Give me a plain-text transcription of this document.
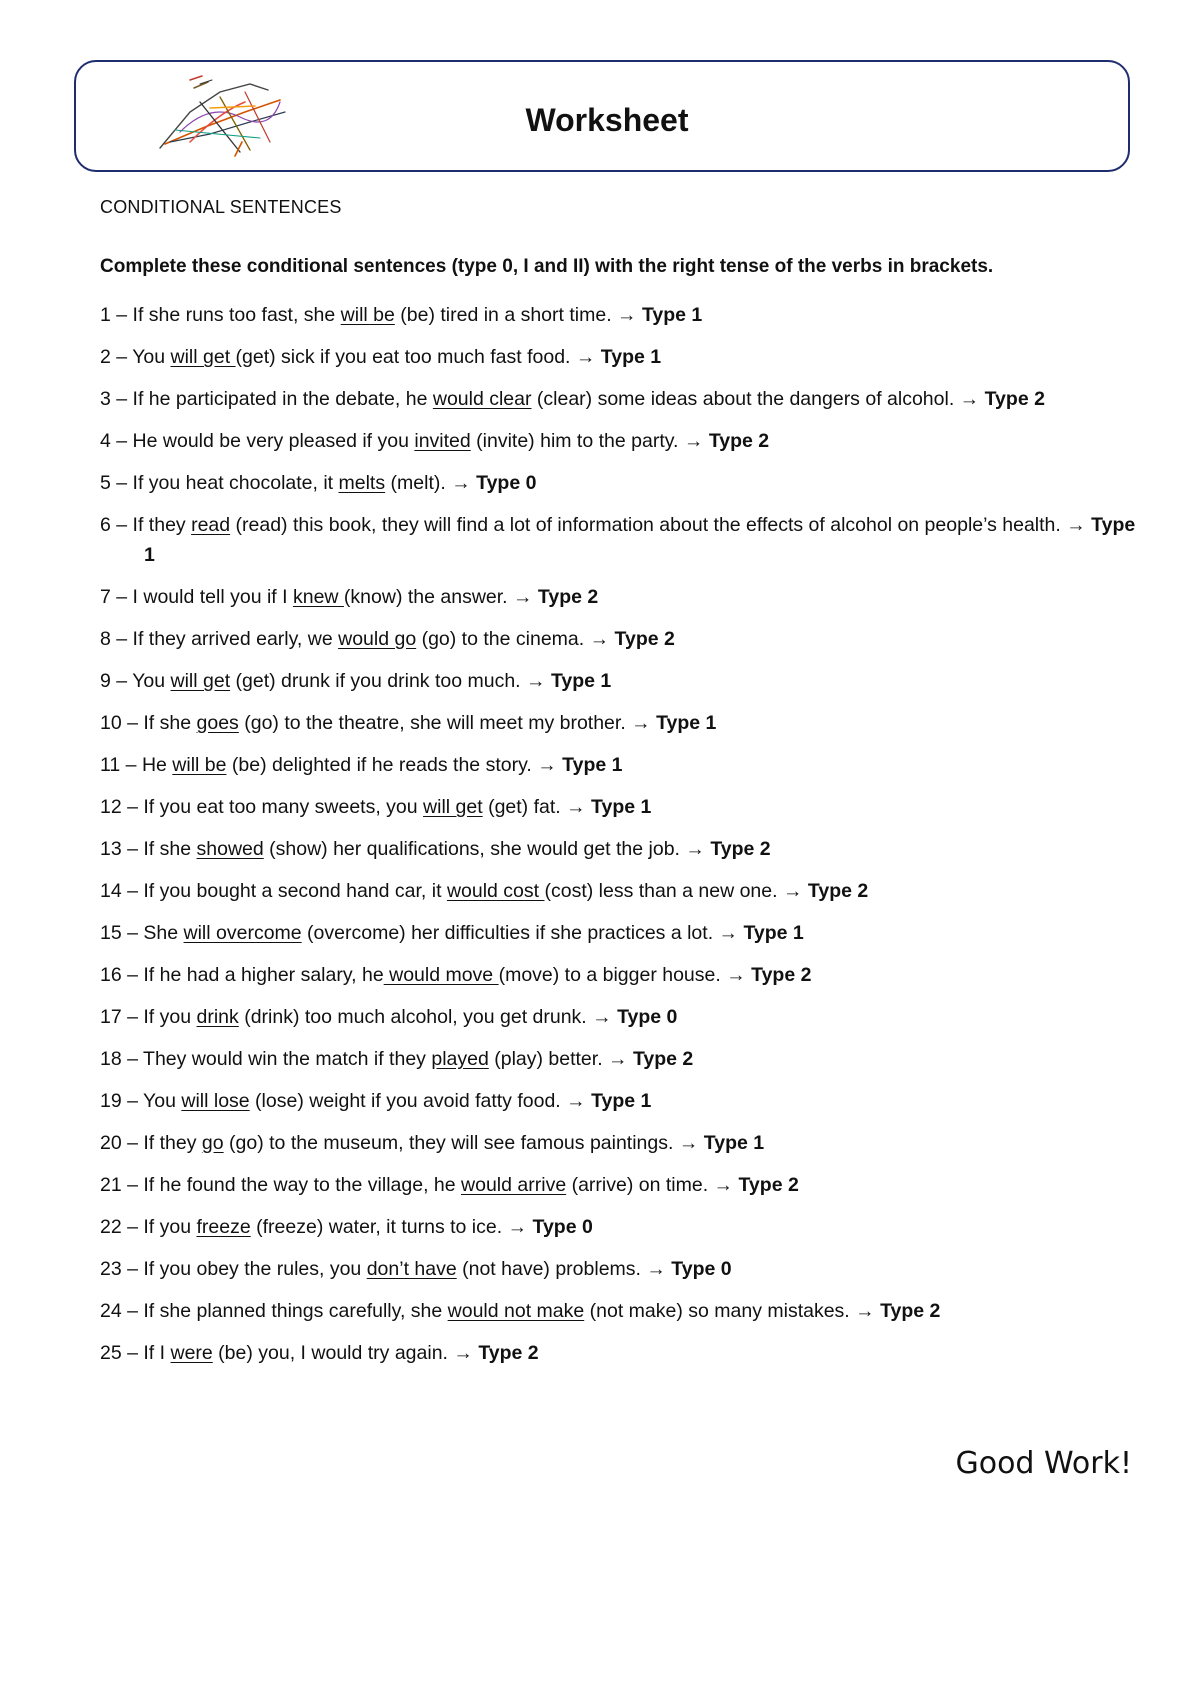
Worksheet
CONDITIONAL SENTENCES
Complete these conditional sentences (type 0, I and II) with the right tense of the verbs in brackets.
1 – If she runs too fast, she will be (be) tired in a short time. → Type 1
2 – You will get (get) sick if you eat too much fast food. → Type 1
3 – If he participated in the debate, he would clear (clear) some ideas about the dangers of alcohol. → Type 2
4 – He would be very pleased if you invited (invite) him to the party. → Type 2
5 – If you heat chocolate, it melts (melt). → Type 0
6 – If they read (read) this book, they will find a lot of information about the effects of alcohol on people’s health. → Type 1
7 – I would tell you if I knew (know) the answer. → Type 2
8 – If they arrived early, we would go (go) to the cinema. → Type 2
9 – You will get (get) drunk if you drink too much. → Type 1
10 – If she goes (go) to the theatre, she will meet my brother. → Type 1
11 – He will be (be) delighted if he reads the story. → Type 1
12 – If you eat too many sweets, you will get (get) fat. → Type 1
13 – If she showed (show) her qualifications, she would get the job. → Type 2
14 – If you bought a second hand car, it would cost (cost) less than a new one. → Type 2
15 – She will overcome (overcome) her difficulties if she practices a lot. → Type 1
16 – If he had a higher salary, he would move (move) to a bigger house. → Type 2
17 – If you drink (drink) too much alcohol, you get drunk. → Type 0
18 – They would win the match if they played (play) better. → Type 2
19 – You will lose (lose) weight if you avoid fatty food. → Type 1
20 – If they go (go) to the museum, they will see famous paintings. → Type 1
21 – If he found the way to the village, he would arrive (arrive) on time. → Type 2
22 – If you freeze (freeze) water, it turns to ice. → Type 0
23 – If you obey the rules, you don’t have (not have) problems. → Type 0
24 – If she planned things carefully, she would not make (not make) so many mistakes. → Type 2
25 – If I were (be) you, I would try again. → Type 2
Good Work!
